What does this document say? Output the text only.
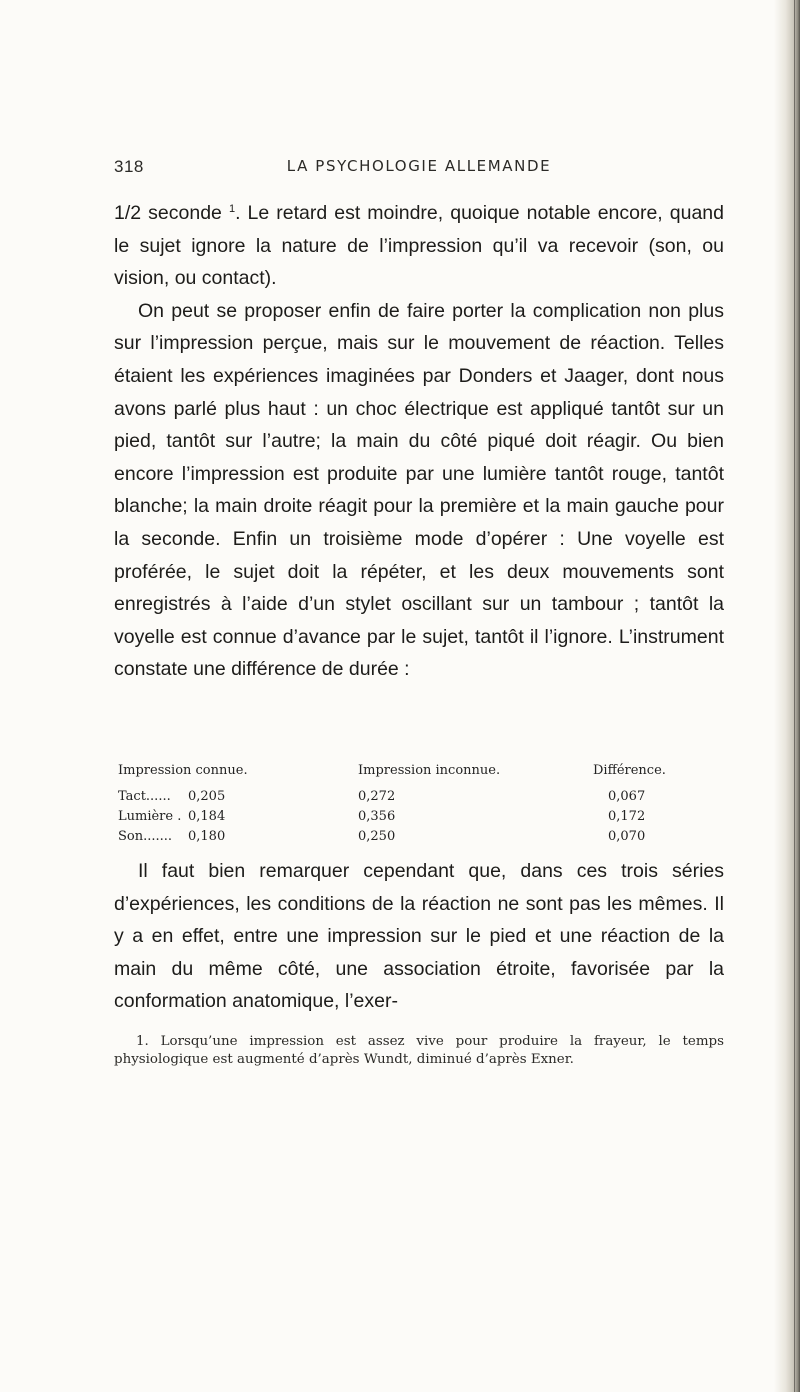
318	LA PSYCHOLOGIE ALLEMANDE

1/2 seconde $^1$. Le retard est moindre, quoique notable encore, quand le sujet ignore la nature de l’impression qu’il va recevoir (son, ou vision, ou contact).

On peut se proposer enfin de faire porter la complication non plus sur l’impression perçue, mais sur le mouvement de réaction. Telles étaient les expériences imaginées par Donders et Jaager, dont nous avons parlé plus haut : un choc électrique est appliqué tantôt sur un pied, tantôt sur l’autre; la main du côté piqué doit réagir. Ou bien encore l’impression est produite par une lumière tantôt rouge, tantôt blanche; la main droite réagit pour la première et la main gauche pour la seconde. Enfin un troisième mode d’opérer : Une voyelle est proférée, le sujet doit la répéter, et les deux mouvements sont enregistrés à l’aide d’un stylet oscillant sur un tambour ; tantôt la voyelle est connue d’avance par le sujet, tantôt il l’ignore. L’instrument constate une différence de durée :

Impression connue.	Impression inconnue.	Différence.
Tact...... 0,205	0,272	0,067
Lumière . 0,184	0,356	0,172
Son....... 0,180	0,250	0,070

Il faut bien remarquer cependant que, dans ces trois séries d’expériences, les conditions de la réaction ne sont pas les mêmes. Il y a en effet, entre une impression sur le pied et une réaction de la main du même côté, une association étroite, favorisée par la conformation anatomique, l’exer-

1. Lorsqu’une impression est assez vive pour produire la frayeur, le temps physiologique est augmenté d’après Wundt, diminué d’après Exner.
